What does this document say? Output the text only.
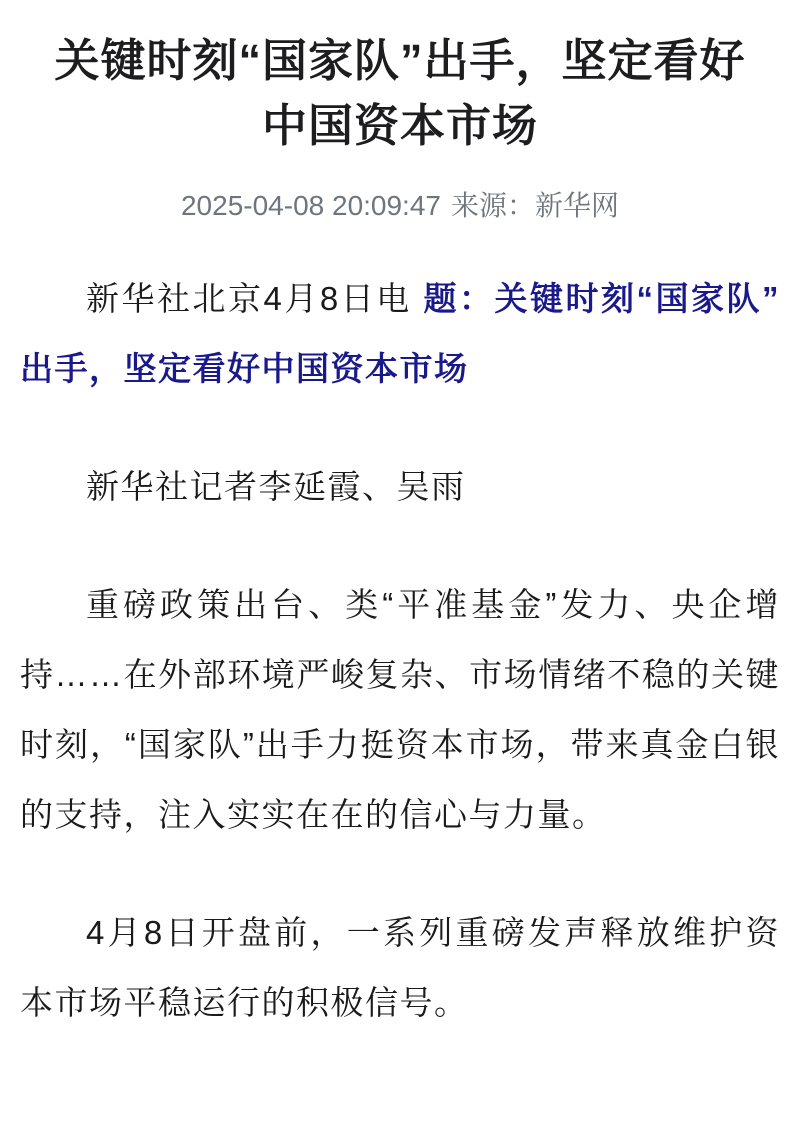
关键时刻“国家队”出手，坚定看好中国资本市场
2025-04-08 20:09:47 来源：新华网

新华社北京4月8日电 题：关键时刻“国家队”出手，坚定看好中国资本市场

新华社记者李延霞、吴雨

重磅政策出台、类“平准基金”发力、央企增持……在外部环境严峻复杂、市场情绪不稳的关键时刻，“国家队”出手力挺资本市场，带来真金白银的支持，注入实实在在的信心与力量。

4月8日开盘前，一系列重磅发声释放维护资本市场平稳运行的积极信号。
